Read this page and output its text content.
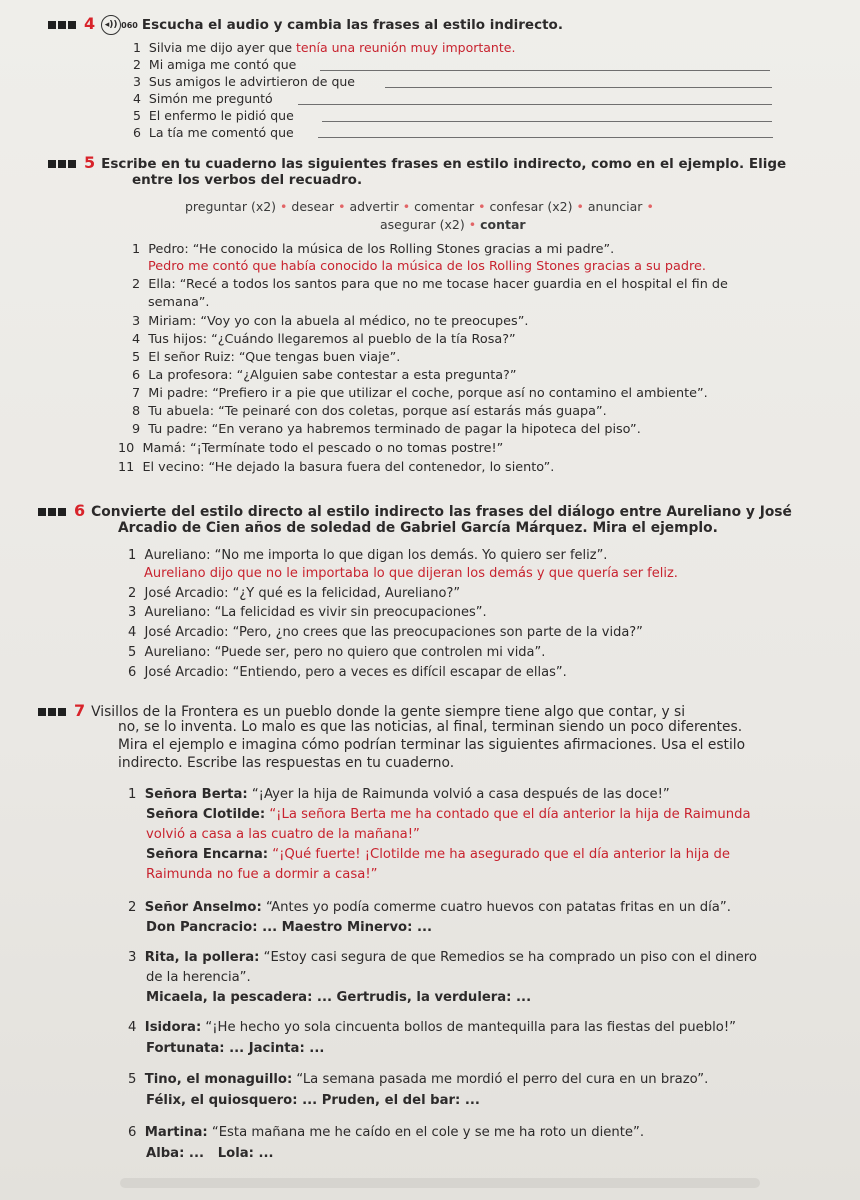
4 ◂)) 060 Escucha el audio y cambia las frases al estilo indirecto.
1 Silvia me dijo ayer que tenía una reunión muy importante.
2 Mi amiga me contó que
3 Sus amigos le advirtieron de que
4 Simón me preguntó
5 El enfermo le pidió que
6 La tía me comentó que
5 Escribe en tu cuaderno las siguientes frases en estilo indirecto, como en el ejemplo. Elige
entre los verbos del recuadro.
preguntar (x2) • desear • advertir • comentar • confesar (x2) • anunciar •
asegurar (x2) • contar
1 Pedro: “He conocido la música de los Rolling Stones gracias a mi padre”.
Pedro me contó que había conocido la música de los Rolling Stones gracias a su padre.
2 Ella: “Recé a todos los santos para que no me tocase hacer guardia en el hospital el fin de
semana”.
3 Miriam: “Voy yo con la abuela al médico, no te preocupes”.
4 Tus hijos: “¿Cuándo llegaremos al pueblo de la tía Rosa?”
5 El señor Ruiz: “Que tengas buen viaje”.
6 La profesora: “¿Alguien sabe contestar a esta pregunta?”
7 Mi padre: “Prefiero ir a pie que utilizar el coche, porque así no contamino el ambiente”.
8 Tu abuela: “Te peinaré con dos coletas, porque así estarás más guapa”.
9 Tu padre: “En verano ya habremos terminado de pagar la hipoteca del piso”.
10 Mamá: “¡Termínate todo el pescado o no tomas postre!”
11 El vecino: “He dejado la basura fuera del contenedor, lo siento”.
6 Convierte del estilo directo al estilo indirecto las frases del diálogo entre Aureliano y José
Arcadio de Cien años de soledad de Gabriel García Márquez. Mira el ejemplo.
1 Aureliano: “No me importa lo que digan los demás. Yo quiero ser feliz”.
Aureliano dijo que no le importaba lo que dijeran los demás y que quería ser feliz.
2 José Arcadio: “¿Y qué es la felicidad, Aureliano?”
3 Aureliano: “La felicidad es vivir sin preocupaciones”.
4 José Arcadio: “Pero, ¿no crees que las preocupaciones son parte de la vida?”
5 Aureliano: “Puede ser, pero no quiero que controlen mi vida”.
6 José Arcadio: “Entiendo, pero a veces es difícil escapar de ellas”.
7 Visillos de la Frontera es un pueblo donde la gente siempre tiene algo que contar, y si
no, se lo inventa. Lo malo es que las noticias, al final, terminan siendo un poco diferentes.
Mira el ejemplo e imagina cómo podrían terminar las siguientes afirmaciones. Usa el estilo
indirecto. Escribe las respuestas en tu cuaderno.
1  Señora Berta: “¡Ayer la hija de Raimunda volvió a casa después de las doce!”
Señora Clotilde: “¡La señora Berta me ha contado que el día anterior la hija de Raimunda
volvió a casa a las cuatro de la mañana!”
Señora Encarna: “¡Qué fuerte! ¡Clotilde me ha asegurado que el día anterior la hija de
Raimunda no fue a dormir a casa!”
2 Señor Anselmo: “Antes yo podía comerme cuatro huevos con patatas fritas en un día”.
Don Pancracio: ... Maestro Minervo: ...
3 Rita, la pollera: “Estoy casi segura de que Remedios se ha comprado un piso con el dinero
de la herencia”.
Micaela, la pescadera: ... Gertrudis, la verdulera: ...
4 Isidora: “¡He hecho yo sola cincuenta bollos de mantequilla para las fiestas del pueblo!”
Fortunata: ... Jacinta: ...
5 Tino, el monaguillo: “La semana pasada me mordió el perro del cura en un brazo”.
Félix, el quiosquero: ... Pruden, el del bar: ...
6 Martina: “Esta mañana me he caído en el cole y se me ha roto un diente”.
Alba: ...   Lola: ...
